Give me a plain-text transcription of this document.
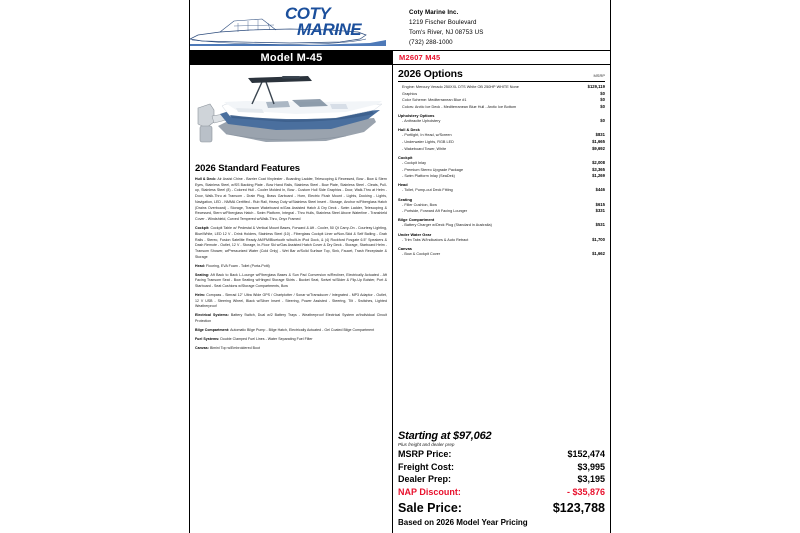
COTY
MARINE
Coty Marine Inc.
1219 Fischer Boulevard
Tom's River, NJ 08753 US
(732) 288-1000
Model M-45	M2607 M45
2026 Standard Features
Hull & Deck: Air Assist Chine - Barrier Coat Vinylester - Boarding Ladder, Telescoping & Recessed, Bow - Bow & Stern Eyes, Stainless Steel, w/SS Backing Plate - Bow Hand Rails, Stainless Steel - Bow Plate, Stainless Steel - Cleats, Pull-up, Stainless Steel (8) - Colored Hull - Cooler Molded In, Bow - Custom Hull Side Graphics - Door, Walk-Thru at Helm - Door, Walk-Thru at Transom - Drain Plug, Brass Garboard - Horn, Electric Flush Mount - Lights, Docking - Lights, Navigation, LED - NMMA Certified - Rub Rail, Heavy Duty w/Stainless Steel Insert - Storage, Anchor w/Fiberglass Hatch (Drains Overboard) - Storage, Transom Wakeboard w/Gas Assisted Hatch & Dry Deck - Swim Ladder, Telescoping & Recessed, Stern w/Fiberglass Hatch - Swim Platform, Integral - Thru Hulls, Stainless Steel Above Waterline - Transhield Cover - Windshield, Curved Tempered w/Walk-Thru, Onyx Framed
Cockpit: Cockpit Table w/ Pedestal & Vertical Mount Bases, Forward & Aft - Cooler, 50 Qt Carry-On - Courtesy Lighting, Blue/White, LED 12 V - Drink Holders, Stainless Steel (10) - Fiberglass Cockpit Liner w/Non-Skid & Self Bailing - Grab Rails - Stereo, Fusion Satellite Ready AM/FM/Bluetooth w/built-in iPod Dock, & (4) Rockford Fosgate 6.5" Speakers & Dash Remote - Outlet, 12 V - Storage, In-Floor Ski w/Gas Assisted Hatch Cover & Dry Deck - Storage, Starboard Helm - Transom Shower, w/Pressurized Water (Cold Only) - Wet Bar w/Solid Surface Top, Sink, Faucet, Trash Receptacle & Storage
Head: Flooring, EVA Foam - Toilet (Porta-Potti)
Seating: Aft Back to Back L-Lounge w/Fiberglass Bases & Sun Pad Conversion w/Recliner, Electrically Actuated - Aft Facing Transom Seat - Bow Seating w/Hinged Storage Skirts - Bucket Seat, Swivel w/Slider & Flip-Up Bolster, Port & Starboard - Seat Cushions w/Storage Compartments, Bow
Helm: Compass - Simrad 12" Ultra Wide GPS / Chartplotter / Sonar w/Transducer / Integrated - MP3 Adaptor - Outlet, 12 V USB - Steering Wheel, Black w/Silver Insert - Steering, Power Assisted - Steering, Tilt - Switches, Lighted Weatherproof
Electrical Systems: Battery Switch, Dual w/2 Battery Trays - Weatherproof Electrical System w/Individual Circuit Protection
Bilge Compartment: Automatic Bilge Pump - Bilge Hatch, Electrically Actuated - Gel Coated Bilge Compartment
Fuel Systems: Double Clamped Fuel Lines - Water Separating Fuel Filter
Canvas: Bimini Top w/Embroidered Boot
2026 Options	MSRP
Engine: Mercury Verado 250XXL DTS White OB 250HP WHITE None	$129,119
Graphics	$0
Color Scheme: Mediterranean Blue #1	$0
Colors: Arctic Ice Deck - Mediterranean Blue Hull - Arctic Ice Bottom	$0
Upholstery Options
- Anthracite Upholstery	$0
Hull & Deck
- Portlight, In Head, w/Screen	$831
- Underwater Lights, RGB LED	$1,665
- Wakeboard Tower, White	$9,692
Cockpit
- Cockpit Inlay	$2,008
- Premium Stereo Upgrade Package	$3,365
- Swim Platform Inlay (SeaDek)	$1,269
Head
- Toilet, Pump-out Deck Fitting	$446
Seating
- Filler Cushion, Bow	$615
- Portside, Forward Aft Facing Lounger	$331
Bilge Compartment
- Battery Charger w/Deck Plug (Standard in Australia)	$531
Under Water Gear
- Trim Tabs W/Indicators & Auto Retract	$1,700
Canvas
- Bow & Cockpit Cover	$1,662
Starting at $97,062
Plus freight and dealer prep
MSRP Price:	$152,474
Freight Cost:	$3,995
Dealer Prep:	$3,195
NAP Discount:	- $35,876
Sale Price:	$123,788
Based on 2026 Model Year Pricing
